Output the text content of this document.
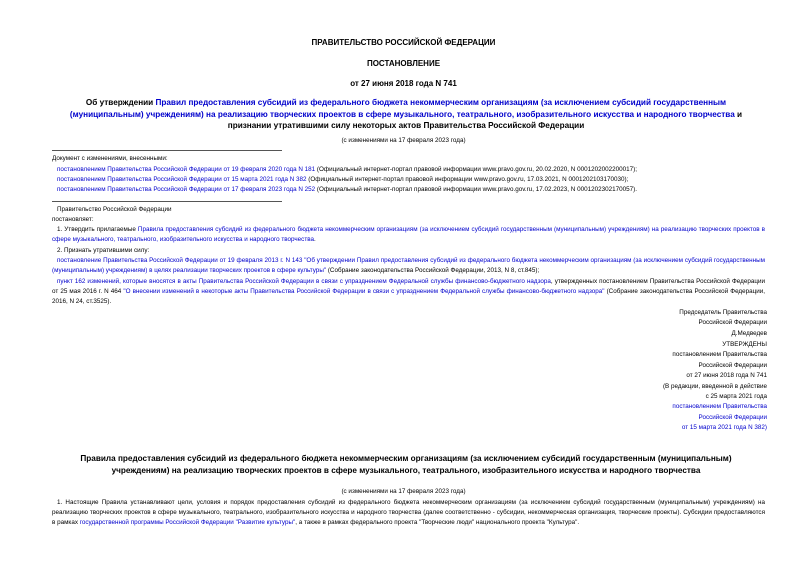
ПРАВИТЕЛЬСТВО РОССИЙСКОЙ ФЕДЕРАЦИИ
ПОСТАНОВЛЕНИЕ
от 27 июня 2018 года N 741
Об утверждении Правил предоставления субсидий из федерального бюджета некоммерческим организациям (за исключением субсидий государственным (муниципальным) учреждениям) на реализацию творческих проектов в сфере музыкального, театрального, изобразительного искусства и народного творчества и признании утратившими силу некоторых актов Правительства Российской Федерации
(с изменениями на 17 февраля 2023 года)
Документ с изменениями, внесенными:
постановлением Правительства Российской Федерации от 19 февраля 2020 года N 181 (Официальный интернет-портал правовой информации www.pravo.gov.ru, 20.02.2020, N 0001202002200017);
постановлением Правительства Российской Федерации от 15 марта 2021 года N 382 (Официальный интернет-портал правовой информации www.pravo.gov.ru, 17.03.2021, N 0001202103170030);
постановлением Правительства Российской Федерации от 17 февраля 2023 года N 252 (Официальный интернет-портал правовой информации www.pravo.gov.ru, 17.02.2023, N 0001202302170057).
Правительство Российской Федерации
постановляет:
1. Утвердить прилагаемые Правила предоставления субсидий из федерального бюджета некоммерческим организациям (за исключением субсидий государственным (муниципальным) учреждениям) на реализацию творческих проектов в сфере музыкального, театрального, изобразительного искусства и народного творчества.
2. Признать утратившими силу:
постановление Правительства Российской Федерации от 19 февраля 2013 г. N 143 "Об утверждении Правил предоставления субсидий из федерального бюджета некоммерческим организациям (за исключением субсидий государственным (муниципальным) учреждениям) в целях реализации творческих проектов в сфере культуры" (Собрание законодательства Российской Федерации, 2013, N 8, ст.845);
пункт 162 изменений, которые вносятся в акты Правительства Российской Федерации в связи с упразднением Федеральной службы финансово-бюджетного надзора, утвержденных постановлением Правительства Российской Федерации от 25 мая 2016 г. N 464 "О внесении изменений в некоторые акты Правительства Российской Федерации в связи с упразднением Федеральной службы финансово-бюджетного надзора" (Собрание законодательства Российской Федерации, 2016, N 24, ст.3525).
Председатель Правительства
Российской Федерации
Д.Медведев
УТВЕРЖДЕНЫ
постановлением Правительства
Российской Федерации
от 27 июня 2018 года N 741
(В редакции, введенной в действие
с 25 марта 2021 года
постановлением Правительства
Российской Федерации
от 15 марта 2021 года N 382)
Правила предоставления субсидий из федерального бюджета некоммерческим организациям (за исключением субсидий государственным (муниципальным) учреждениям) на реализацию творческих проектов в сфере музыкального, театрального, изобразительного искусства и народного творчества
(с изменениями на 17 февраля 2023 года)
1. Настоящие Правила устанавливают цели, условия и порядок предоставления субсидий из федерального бюджета некоммерческим организациям (за исключением субсидий государственным (муниципальным) учреждениям) на реализацию творческих проектов в сфере музыкального, театрального, изобразительного искусства и народного творчества (далее соответственно - субсидии, некоммерческая организация, творческие проекты). Субсидии предоставляются в рамках государственной программы Российской Федерации "Развитие культуры", а также в рамках федерального проекта "Творческие люди" национального проекта "Культура".
